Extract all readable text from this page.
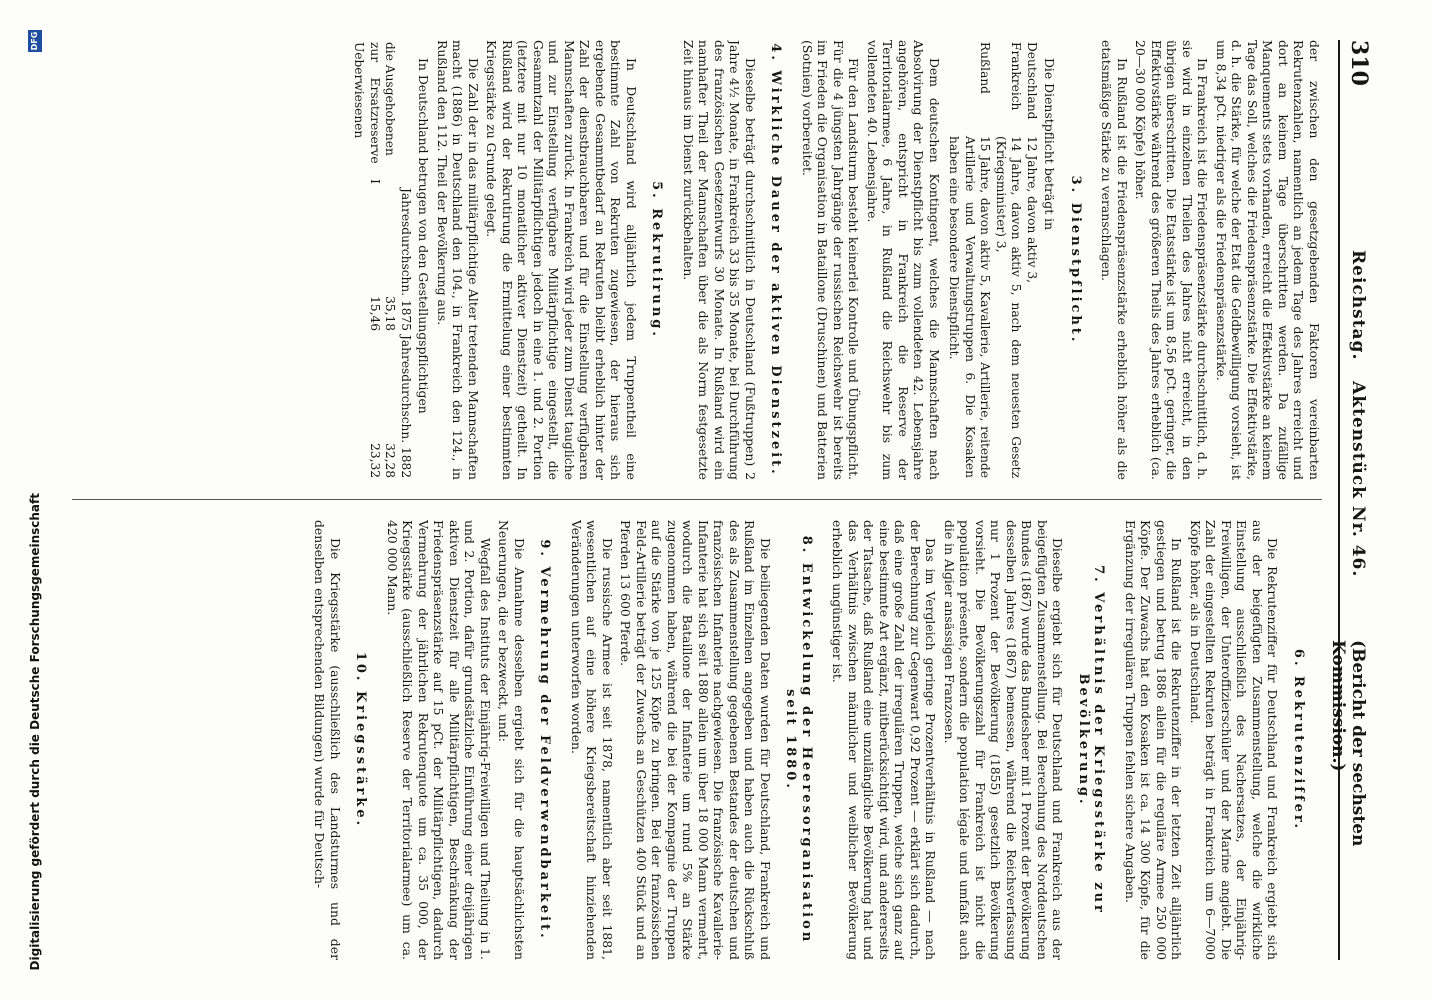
310
Reichstag.   Aktenstück Nr. 46.
(Bericht der sechsten Kommission.)

der zwischen den gesetzgebenden Faktoren vereinbarten Rekrutenzahlen, namentlich an jedem Tage des Jahres erreicht und dort an keinem Tage überschritten werden. Da zufällige Manquements stets vorhanden, erreicht die Effektivstärke an keinem Tage das Soll, welches die Friedenspräsenzstärke. Die Effektivstärke, d. h. die Stärke, für welche der Etat die Geldbewilligung vorsieht, ist um 8,34 pCt. niedriger als die Friedenspräsenzstärke.

In Frankreich ist die Friedenspräsenzstärke durchschnittlich, d. h. sie wird in einzelnen Theilen des Jahres nicht erreicht, in den übrigen überschritten. Die Etatsstärke ist um 8,56 pCt. geringer, die Effektivstärke während des größeren Theils des Jahres erheblich (ca. 20—30 000 Köpfe) höher.

In Rußland ist die Friedenspräsenzstärke erheblich höher als die etatsmäßige Stärke zu veranschlagen.

3. Dienstpflicht.

Die Dienstpflicht beträgt in

Deutschland	12 Jahre, davon aktiv 3,
Frankreich	14 Jahre, davon aktiv 5, nach dem neuesten Gesetz (Kriegsminister) 3,
Rußland	15 Jahre, davon aktiv 5, Kavallerie, Artillerie, reitende Artillerie und Verwaltungstruppen 6. Die Kosaken haben eine besondere Dienstpflicht.

Dem deutschen Kontingent, welches die Mannschaften nach Absolvirung der Dienstpflicht bis zum vollendeten 42. Lebensjahre angehören, entspricht in Frankreich die Reserve der Territorialarmee, 6 Jahre, in Rußland die Reichswehr bis zum vollendeten 40. Lebensjahre.

Für den Landsturm besteht keinerlei Kontrolle und Übungspflicht. Für die 4 jüngsten Jahrgänge der russischen Reichswehr ist bereits im Frieden die Organisation in Bataillone (Druschinen) und Batterien (Sotnien) vorbereitet.

4. Wirkliche Dauer der aktiven Dienstzeit.

Dieselbe beträgt durchschnittlich in Deutschland (Fußtruppen) 2 Jahre 4½ Monate, in Frankreich 33 bis 35 Monate, bei Durchführung des französischen Gesetzentwurfs 30 Monate. In Rußland wird ein namhafter Theil der Mannschaften über die als Norm festgesetzte Zeit hinaus im Dienst zurückbehalten.

5. Rekrutirung.

In Deutschland wird alljährlich jedem Truppentheil eine bestimmte Zahl von Rekruten zugewiesen, der hieraus sich ergebende Gesammtbedarf an Rekruten bleibt erheblich hinter der Zahl der dienstbrauchbaren und für die Einstellung verfügbaren Mannschaften zurück. In Frankreich wird jeder zum Dienst taugliche und zur Einstellung verfügbare Militärpflichtige eingestellt, die Gesammtzahl der Militärpflichtigen jedoch in eine 1. und 2. Portion (letztere mit nur 10 monatlicher aktiver Dienstzeit) getheilt. In Rußland wird der Rekrutirung die Ermittelung einer bestimmten Kriegsstärke zu Grunde gelegt.

Die Zahl der in das militärpflichtige Alter tretenden Mannschaften macht (1886) in Deutschland den 104., in Frankreich den 124., in Rußland den 112. Theil der Bevölkerung aus.

In Deutschland betrugen von den Gestellungspflichtigen

	Jahresdurchschn. 1875	Jahresdurchschn. 1882
die Ausgehobenen	35,18	32,28
zur Ersatzreserve I Ueberwiesenen	15,46	23,32
6. Rekrutenziffer.

Die Rekrutenziffer für Deutschland und Frankreich ergiebt sich aus der beigefügten Zusammenstellung, welche die wirkliche Einstellung ausschließlich des Nachersatzes, der Einjährig-Freiwilligen, der Unteroffizierschüler und der Marine angiebt. Die Zahl der eingestellten Rekruten beträgt in Frankreich um 6—7000 Köpfe höher, als in Deutschland.

In Rußland ist die Rekrutenziffer in der letzten Zeit alljährlich gestiegen und betrug 1886 allein für die reguläre Armee 250 000 Köpfe. Der Zuwachs hat den Kosaken ist ca. 14 300 Köpfe, für die Ergänzung der irregulären Truppen fehlen sichere Angaben.

7. Verhältnis der Kriegsstärke zur Bevölkerung.

Dieselbe ergiebt sich für Deutschland und Frankreich aus der beigefügten Zusammenstellung. Bei Berechnung des Norddeutschen Bundes (1867) wurde das Bundesheer mit 1 Prozent der Bevölkerung desselben Jahres (1867) bemessen, während die Reichsverfassung nur 1 Prozent der Bevölkerung (1855) gesetzlich Bevölkerung vorsieht. Die Bevölkerungszahl für Frankreich ist nicht die population présente, sondern die population légale und umfaßt auch die in Algier ansässigen Franzosen.

Das im Vergleich geringe Prozentverhältnis in Rußland — nach der Berechnung zur Gegenwart 0,92 Prozent — erklärt sich dadurch, daß eine große Zahl der irregulären Truppen, welche sich ganz auf eine bestimmte Art ergänzt, mitberücksichtigt wird, und andererseits der Tatsache, daß Rußland eine unzulängliche Bevölkerung hat und das Verhältnis zwischen männlicher und weiblicher Bevölkerung erheblich ungünstiger ist.

8. Entwickelung der Heeresorganisation seit 1880.

Die beiliegenden Daten wurden für Deutschland, Frankreich und Rußland im Einzelnen angegeben und haben auch die Rückschluß des als Zusammenstellung gegebenen Bestandes der deutschen und französischen Infanterie nachgewiesen. Die französische Kavallerie-Infanterie hat sich seit 1880 allein um über 18 000 Mann vermehrt, wodurch die Bataillone der Infanterie um rund 5% an Stärke zugenommen haben, während die bei der Kompagnie der Truppen auf die Stärke von je 125 Köpfe zu bringen. Bei der französischen Feld-Artillerie beträgt der Zuwachs an Geschützen 400 Stück und an Pferden 13 600 Pferde.

Die russische Armee ist seit 1878, namentlich aber seit 1881, wesentlichen auf eine höhere Kriegsbereitschaft hinziehenden Veränderungen unterworfen worden.

9. Vermehrung der Feldverwendbarkeit.

Die Annahme desselben ergiebt sich für die hauptsächlichsten Neuerungen, die er bezweckt, und:

Wegfall des Instituts der Einjährig-Freiwilligen und Theilung in 1. und 2. Portion, dafür grundsätzliche Einführung einer dreijährigen aktiven Dienstzeit für alle Militärpflichtigen, Beschränkung der Friedenspräsenzstärke auf 15 pCt. der Militärpflichtigen, dadurch Vermehrung der jährlichen Rekrutenquote um ca. 35 000, der Kriegsstärke (ausschließlich Reserve der Territorialarmee) um ca. 420 000 Mann.

10. Kriegsstärke.

Die Kriegsstärke (ausschließlich des Landsturmes und der denselben entsprechenden Bildungen) wurde für Deutsch-

Digitalisierung gefördert durch die Deutsche Forschungsgemeinschaft
DFG
